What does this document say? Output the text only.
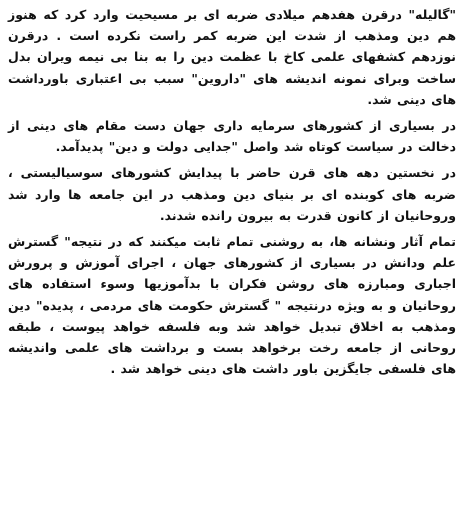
"گالیله" درقرن هفدهم میلادی ضربه ای بر مسیحیت وارد کرد که هنوز هم دین ومذهب از شدت این ضربه کمر راست نکرده است . درقرن نوزدهم کشفهای علمی کاخ با عظمت دین را به بنا بی نیمه ویران بدل ساخت وبرای نمونه اندیشه های "داروین" سبب بی اعتباری باورداشت های دینی شد.

در بسیاری از کشورهای سرمایه داری جهان دست مقام های دینی از دخالت در سیاست کوتاه شد واصل "جدایی دولت و دین" پدیدآمد.

در نخستین دهه های قرن حاضر با پیدایش کشورهای سوسیالیستی ، ضربه های کوبنده ای بر بنیای دین ومذهب در این جامعه ها وارد شد وروحانیان از کانون قدرت به بیرون رانده شدند.

تمام آثار ونشانه ها، به روشنی تمام ثابت میکنند که در نتیجه" گسترش علم ودانش در بسیاری از کشورهای جهان ، اجرای آموزش و پرورش اجباری ومبارزه های روشن فکران با بدآموزیها وسوء استفاده های روحانیان و به ویژه درنتیجه " گسترش حکومت های مردمی ، پدیده" دین ومذهب به اخلاق تبدیل خواهد شد وبه فلسفه خواهد پیوست ، طبقه روحانی از جامعه رخت برخواهد بست و برداشت های علمی واندیشه های فلسفی جایگزین باور داشت های دینی خواهد شد .
